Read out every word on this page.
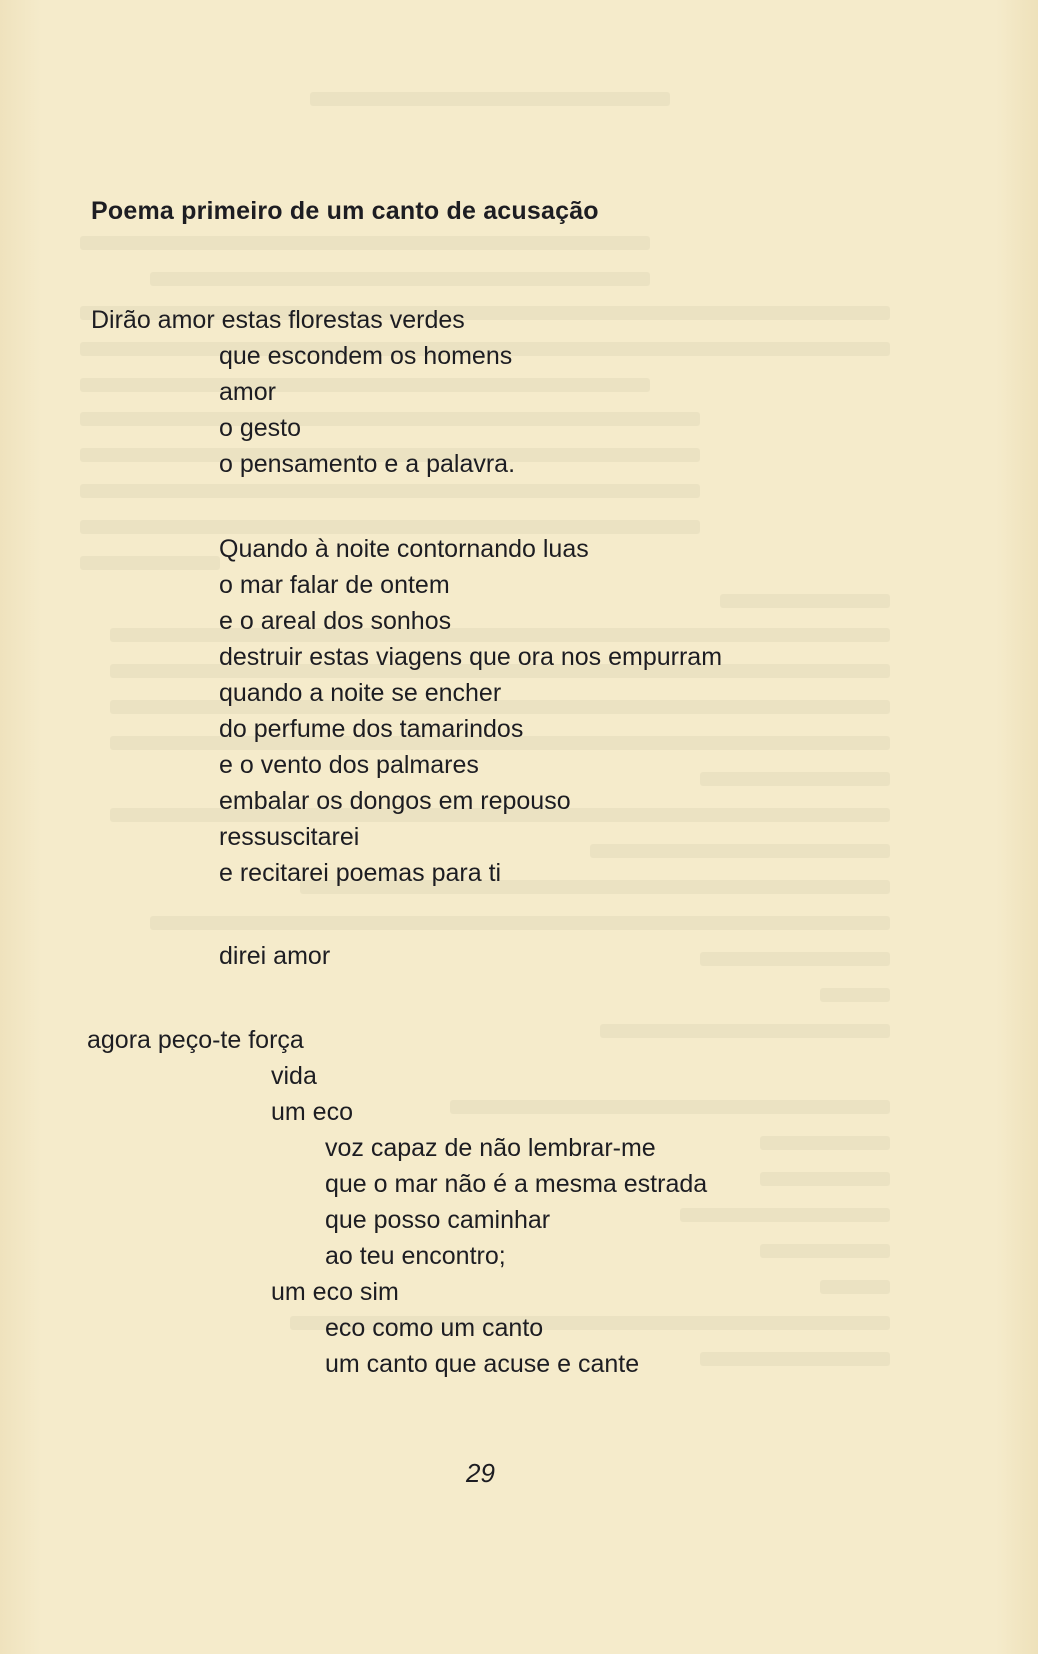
Poema primeiro de um canto de acusação
Dirão amor estas florestas verdes
que escondem os homens
amor
o gesto
o pensamento e a palavra.
Quando à noite contornando luas
o mar falar de ontem
e o areal dos sonhos
destruir estas viagens que ora nos empurram
quando a noite se encher
do perfume dos tamarindos
e o vento dos palmares
embalar os dongos em repouso
ressuscitarei
e recitarei poemas para ti
direi amor
agora peço-te força
vida
um eco
voz capaz de não lembrar-me
que o mar não é a mesma estrada
que posso caminhar
ao teu encontro;
um eco sim
eco como um canto
um canto que acuse e cante
29
